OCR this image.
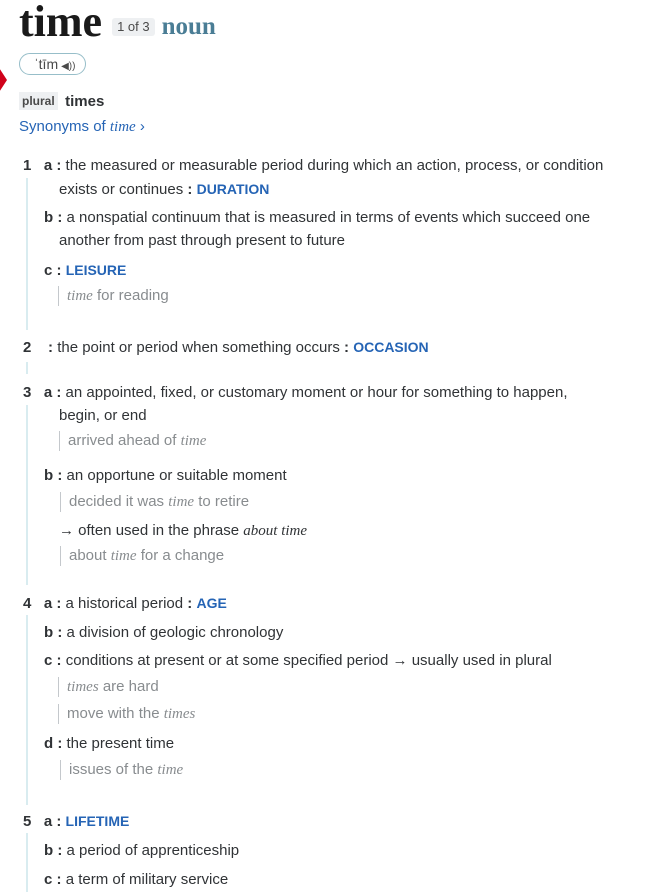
time 1 of 3 noun
ˈtīm ◀))
plural times
Synonyms of time ›
1 a : the measured or measurable period during which an action, process, or condition
exists or continues : DURATION
b : a nonspatial continuum that is measured in terms of events which succeed one
another from past through present to future
c : LEISURE
time for reading
2 : the point or period when something occurs : OCCASION
3 a : an appointed, fixed, or customary moment or hour for something to happen,
begin, or end
arrived ahead of time
b : an opportune or suitable moment
decided it was time to retire
→ often used in the phrase about time
about time for a change
4 a : a historical period : AGE
b : a division of geologic chronology
c : conditions at present or at some specified period → usually used in plural
times are hard
move with the times
d : the present time
issues of the time
5 a : LIFETIME
b : a period of apprenticeship
c : a term of military service
